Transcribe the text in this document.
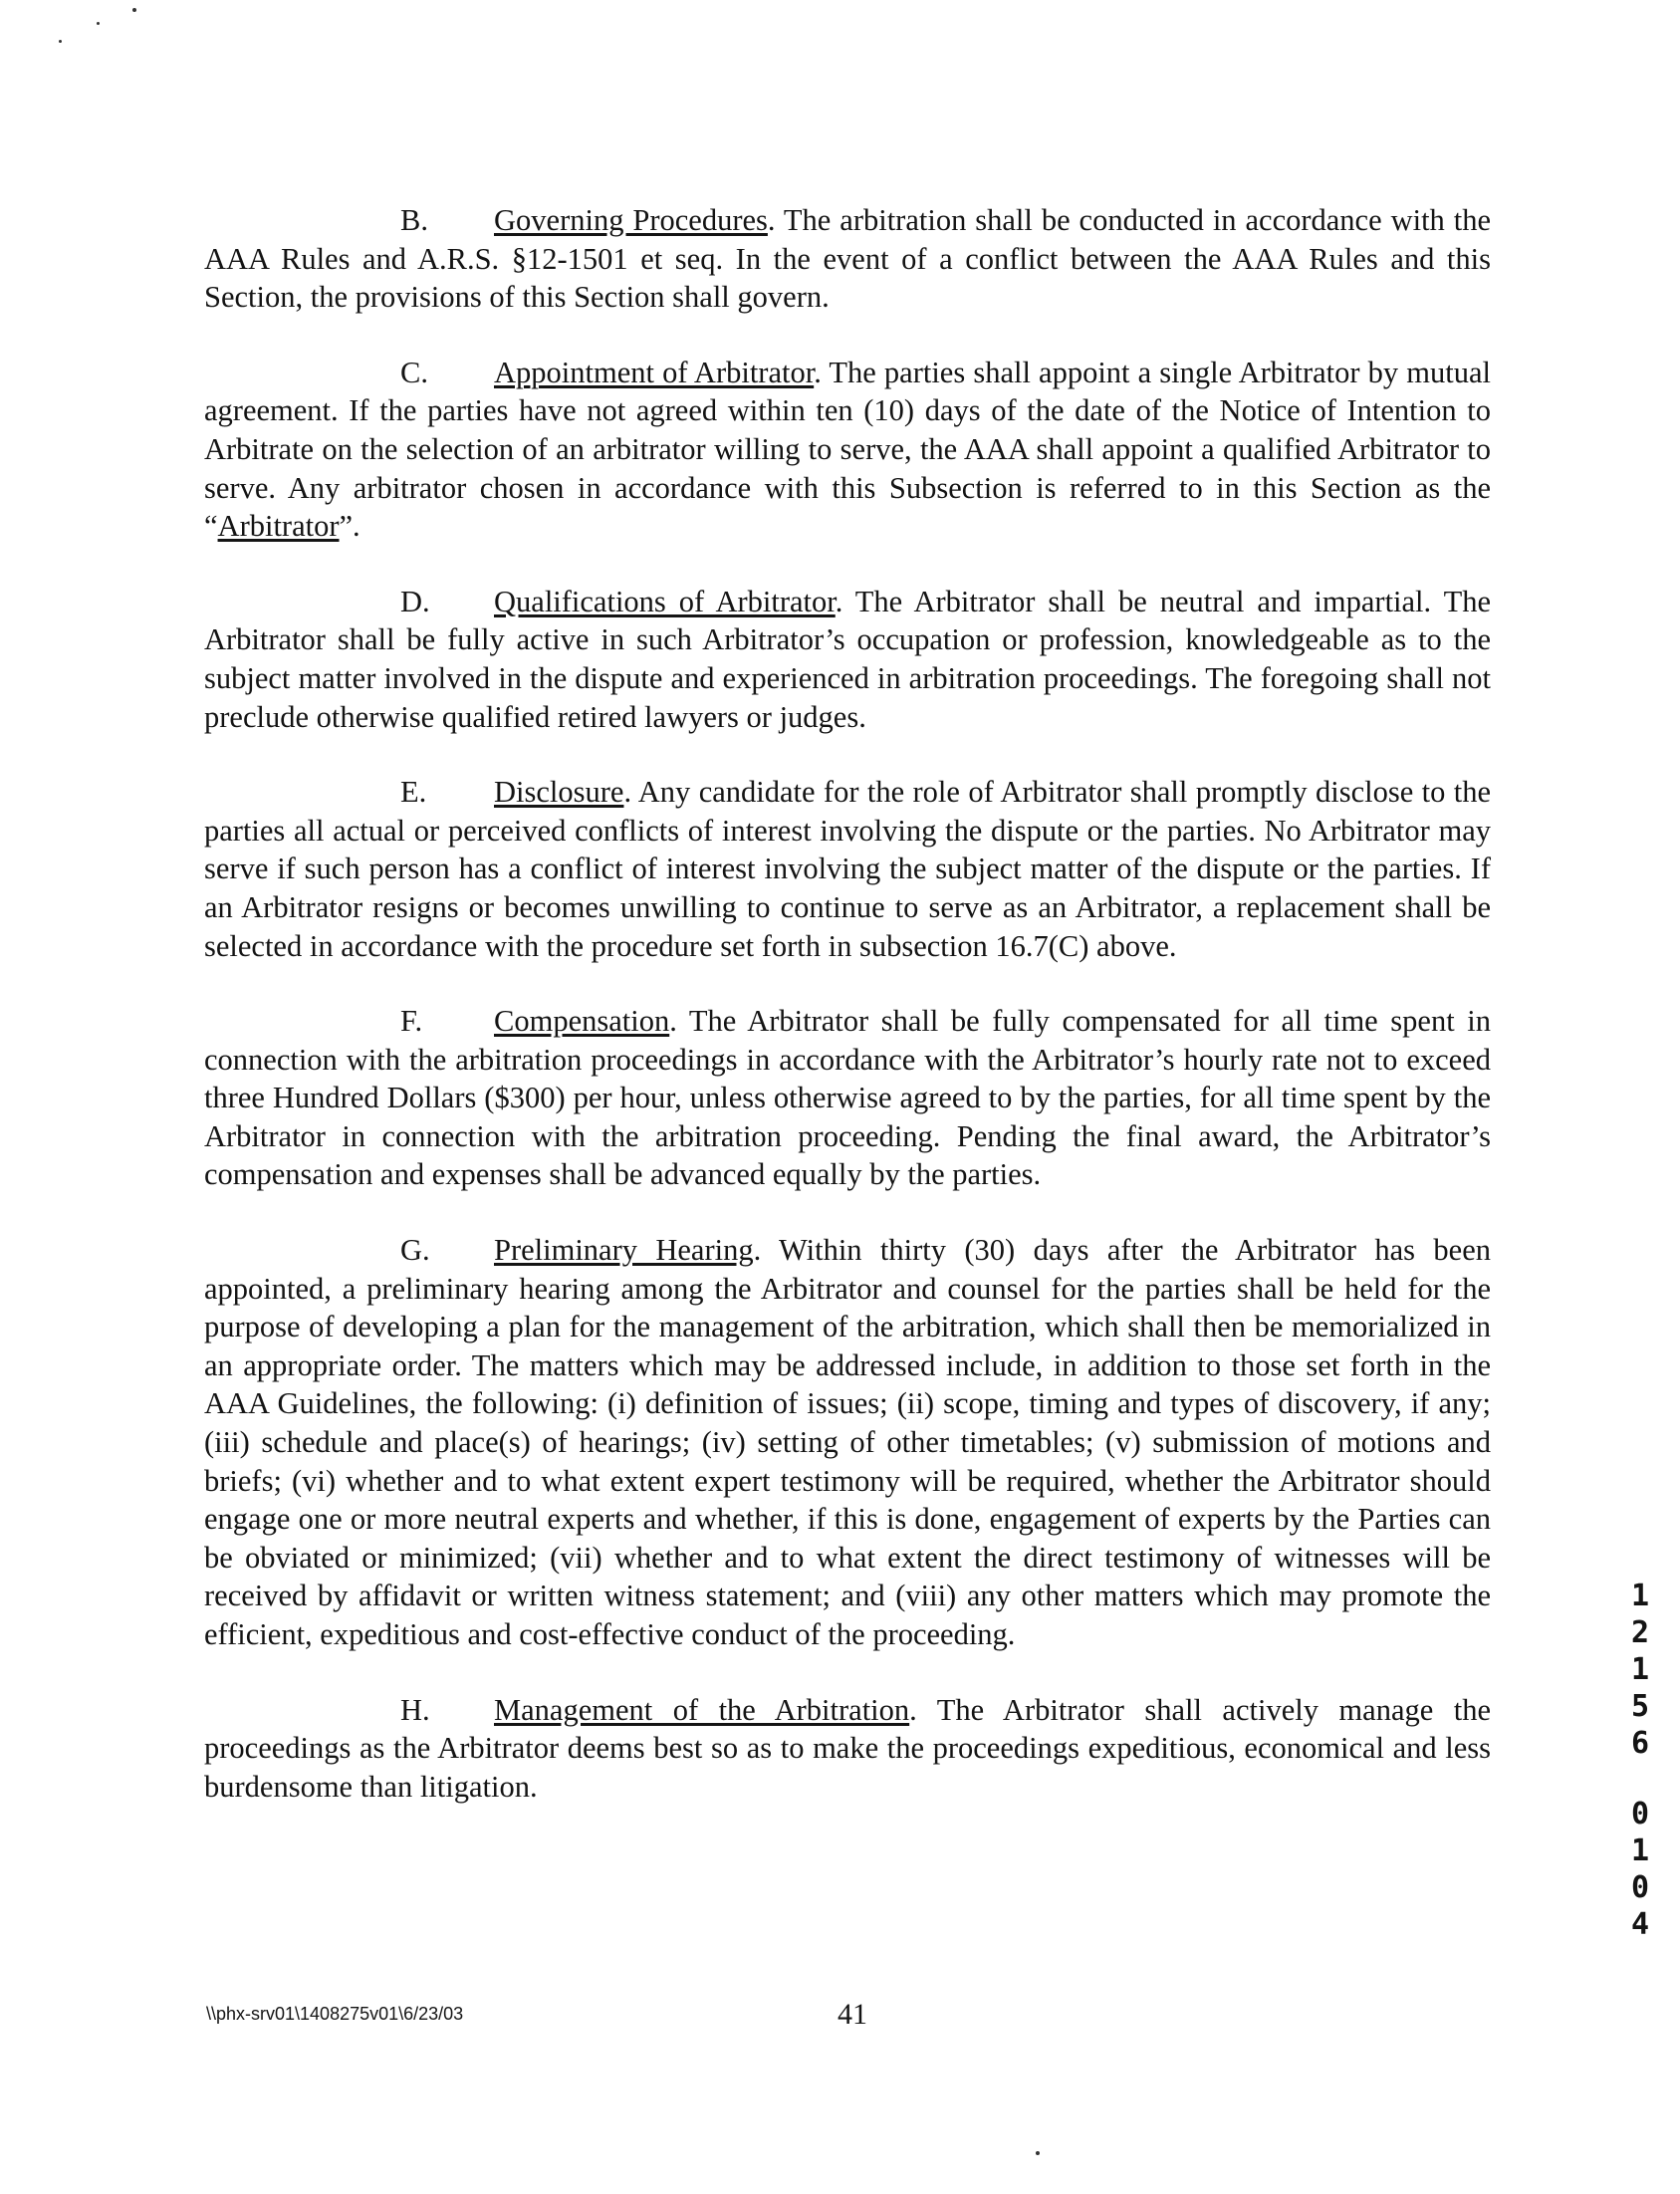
B. Governing Procedures. The arbitration shall be conducted in accordance with the AAA Rules and A.R.S. §12-1501 et seq. In the event of a conflict between the AAA Rules and this Section, the provisions of this Section shall govern.

C. Appointment of Arbitrator. The parties shall appoint a single Arbitrator by mutual agreement. If the parties have not agreed within ten (10) days of the date of the Notice of Intention to Arbitrate on the selection of an arbitrator willing to serve, the AAA shall appoint a qualified Arbitrator to serve. Any arbitrator chosen in accordance with this Subsection is referred to in this Section as the “Arbitrator”.

D. Qualifications of Arbitrator. The Arbitrator shall be neutral and impartial. The Arbitrator shall be fully active in such Arbitrator’s occupation or profession, knowledgeable as to the subject matter involved in the dispute and experienced in arbitration proceedings. The foregoing shall not preclude otherwise qualified retired lawyers or judges.

E. Disclosure. Any candidate for the role of Arbitrator shall promptly disclose to the parties all actual or perceived conflicts of interest involving the dispute or the parties. No Arbitrator may serve if such person has a conflict of interest involving the subject matter of the dispute or the parties. If an Arbitrator resigns or becomes unwilling to continue to serve as an Arbitrator, a replacement shall be selected in accordance with the procedure set forth in subsection 16.7(C) above.

F. Compensation. The Arbitrator shall be fully compensated for all time spent in connection with the arbitration proceedings in accordance with the Arbitrator’s hourly rate not to exceed three Hundred Dollars ($300) per hour, unless otherwise agreed to by the parties, for all time spent by the Arbitrator in connection with the arbitration proceeding. Pending the final award, the Arbitrator’s compensation and expenses shall be advanced equally by the parties.

G. Preliminary Hearing. Within thirty (30) days after the Arbitrator has been appointed, a preliminary hearing among the Arbitrator and counsel for the parties shall be held for the purpose of developing a plan for the management of the arbitration, which shall then be memorialized in an appropriate order. The matters which may be addressed include, in addition to those set forth in the AAA Guidelines, the following: (i) definition of issues; (ii) scope, timing and types of discovery, if any; (iii) schedule and place(s) of hearings; (iv) setting of other timetables; (v) submission of motions and briefs; (vi) whether and to what extent expert testimony will be required, whether the Arbitrator should engage one or more neutral experts and whether, if this is done, engagement of experts by the Parties can be obviated or minimized; (vii) whether and to what extent the direct testimony of witnesses will be received by affidavit or written witness statement; and (viii) any other matters which may promote the efficient, expeditious and cost-effective conduct of the proceeding.

H. Management of the Arbitration. The Arbitrator shall actively manage the proceedings as the Arbitrator deems best so as to make the proceedings expeditious, economical and less burdensome than litigation.

1
2
1
5
6
0
1
0
4
\\phx-srv01\1408275v01\6/23/03	41
